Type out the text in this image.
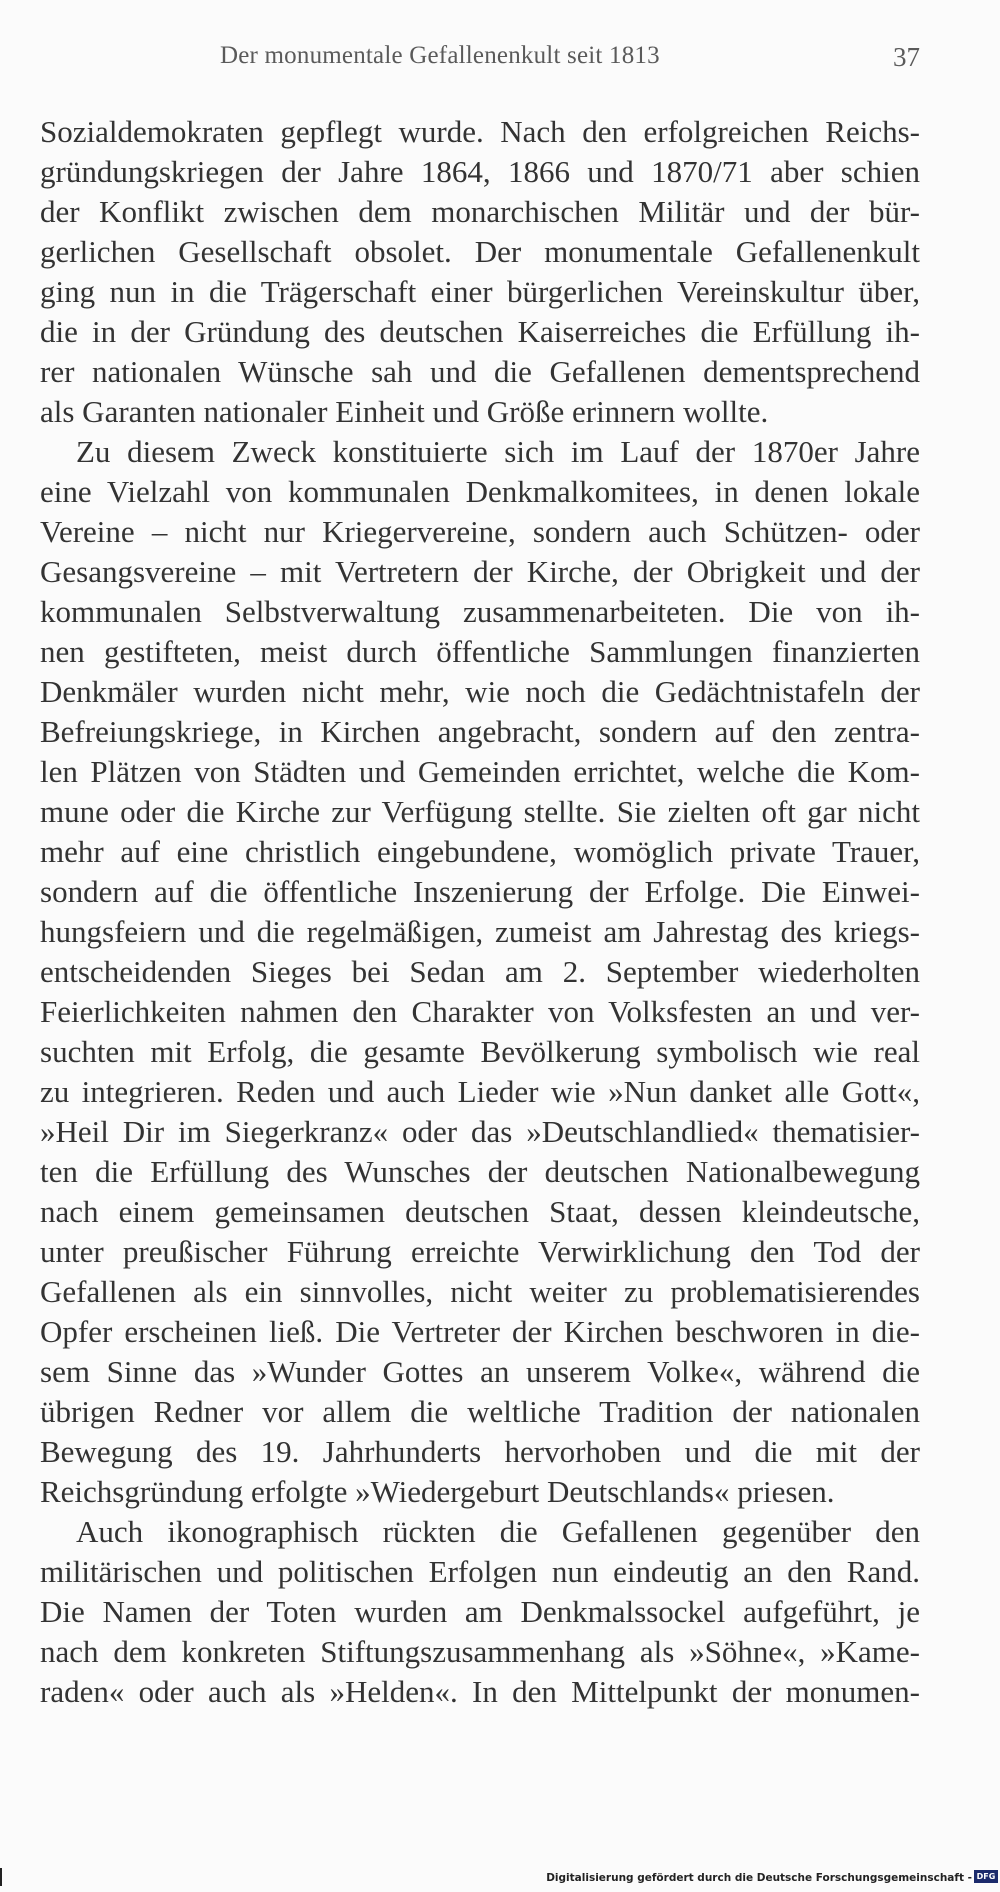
Der monumentale Gefallenenkult seit 1813	37
Sozialdemokraten gepflegt wurde. Nach den erfolgreichen Reichs-
gründungskriegen der Jahre 1864, 1866 und 1870/71 aber schien
der Konflikt zwischen dem monarchischen Militär und der bür-
gerlichen Gesellschaft obsolet. Der monumentale Gefallenenkult
ging nun in die Trägerschaft einer bürgerlichen Vereinskultur über,
die in der Gründung des deutschen Kaiserreiches die Erfüllung ih-
rer nationalen Wünsche sah und die Gefallenen dementsprechend
als Garanten nationaler Einheit und Größe erinnern wollte.
Zu diesem Zweck konstituierte sich im Lauf der 1870er Jahre
eine Vielzahl von kommunalen Denkmalkomitees, in denen lokale
Vereine – nicht nur Kriegervereine, sondern auch Schützen- oder
Gesangsvereine – mit Vertretern der Kirche, der Obrigkeit und der
kommunalen Selbstverwaltung zusammenarbeiteten. Die von ih-
nen gestifteten, meist durch öffentliche Sammlungen finanzierten
Denkmäler wurden nicht mehr, wie noch die Gedächtnistafeln der
Befreiungskriege, in Kirchen angebracht, sondern auf den zentra-
len Plätzen von Städten und Gemeinden errichtet, welche die Kom-
mune oder die Kirche zur Verfügung stellte. Sie zielten oft gar nicht
mehr auf eine christlich eingebundene, womöglich private Trauer,
sondern auf die öffentliche Inszenierung der Erfolge. Die Einwei-
hungsfeiern und die regelmäßigen, zumeist am Jahrestag des kriegs-
entscheidenden Sieges bei Sedan am 2. September wiederholten
Feierlichkeiten nahmen den Charakter von Volksfesten an und ver-
suchten mit Erfolg, die gesamte Bevölkerung symbolisch wie real
zu integrieren. Reden und auch Lieder wie »Nun danket alle Gott«,
»Heil Dir im Siegerkranz« oder das »Deutschlandlied« thematisier-
ten die Erfüllung des Wunsches der deutschen Nationalbewegung
nach einem gemeinsamen deutschen Staat, dessen kleindeutsche,
unter preußischer Führung erreichte Verwirklichung den Tod der
Gefallenen als ein sinnvolles, nicht weiter zu problematisierendes
Opfer erscheinen ließ. Die Vertreter der Kirchen beschworen in die-
sem Sinne das »Wunder Gottes an unserem Volke«, während die
übrigen Redner vor allem die weltliche Tradition der nationalen
Bewegung des 19. Jahrhunderts hervorhoben und die mit der
Reichsgründung erfolgte »Wiedergeburt Deutschlands« priesen.
Auch ikonographisch rückten die Gefallenen gegenüber den
militärischen und politischen Erfolgen nun eindeutig an den Rand.
Die Namen der Toten wurden am Denkmalssockel aufgeführt, je
nach dem konkreten Stiftungszusammenhang als »Söhne«, »Kame-
raden« oder auch als »Helden«. In den Mittelpunkt der monumen-
Digitalisierung gefördert durch die Deutsche Forschungsgemeinschaft - DFG
